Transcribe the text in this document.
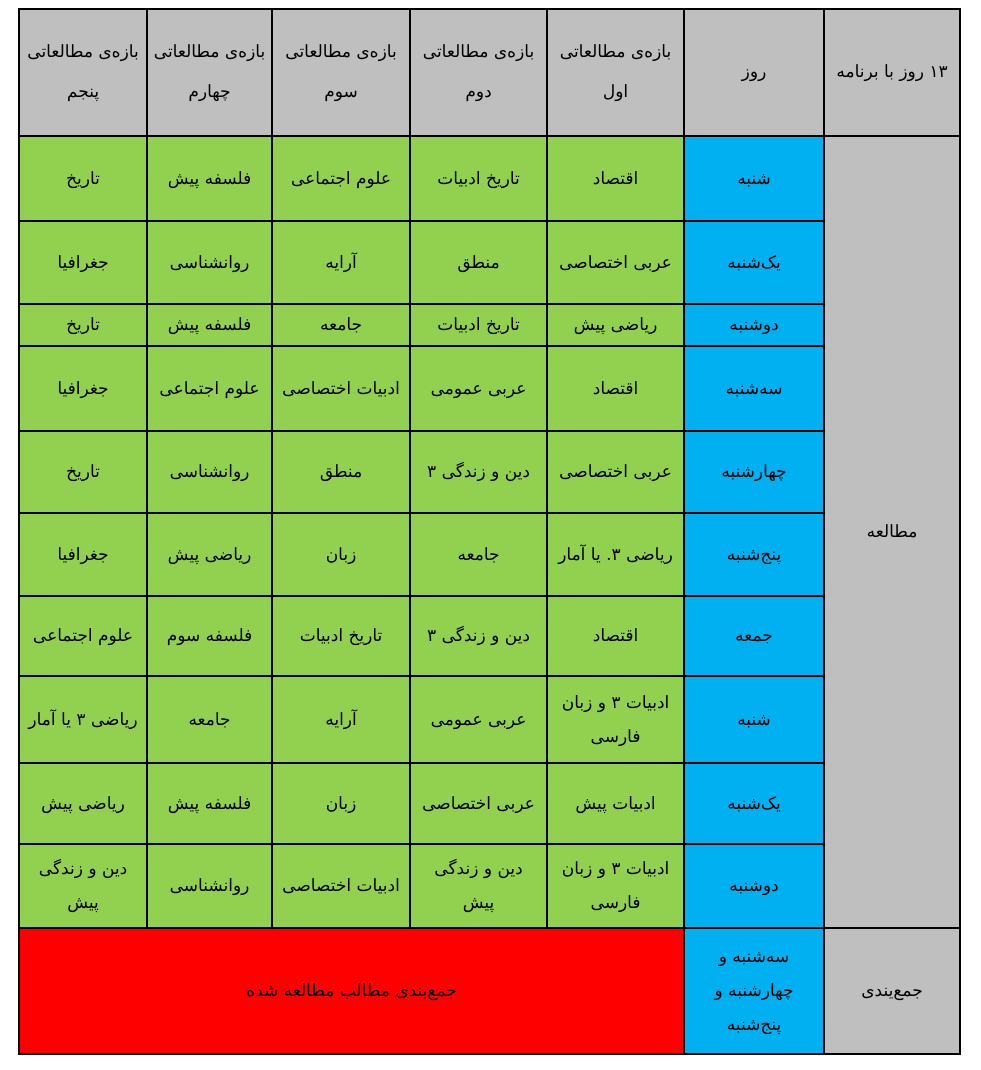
۱۳ روز با برنامه	روز	بازه‌ی مطالعاتی اول	بازه‌ی مطالعاتی دوم	بازه‌ی مطالعاتی سوم	بازه‌ی مطالعاتی چهارم	بازه‌ی مطالعاتی پنجم
مطالعه	شنبه	اقتصاد	تاریخ ادبیات	علوم اجتماعی	فلسفه پیش	تاریخ
	یک‌شنبه	عربی اختصاصی	منطق	آرایه	روانشناسی	جغرافیا
	دوشنبه	ریاضی پیش	تاریخ ادبیات	جامعه	فلسفه پیش	تاریخ
	سه‌شنبه	اقتصاد	عربی عمومی	ادبیات اختصاصی	علوم اجتماعی	جغرافیا
	چهارشنبه	عربی اختصاصی	دین و زندگی ۳	منطق	روانشناسی	تاریخ
	پنج‌شنبه	ریاضی ۳. یا آمار	جامعه	زبان	ریاضی پیش	جغرافیا
	جمعه	اقتصاد	دین و زندگی ۳	تاریخ ادبیات	فلسفه سوم	علوم اجتماعی
	شنبه	ادبیات ۳ و زبان فارسی	عربی عمومی	آرایه	جامعه	ریاضی ۳ یا آمار
	یک‌شنبه	ادبیات پیش	عربی اختصاصی	زبان	فلسفه پیش	ریاضی پیش
	دوشنبه	ادبیات ۳ و زبان فارسی	دین و زندگی پیش	ادبیات اختصاصی	روانشناسی	دین و زندگی پیش
جمع‌یندی	سه‌شنبه و چهارشنبه و پنج‌شنبه	جمع‌بندی مطالب مطالعه شده				
